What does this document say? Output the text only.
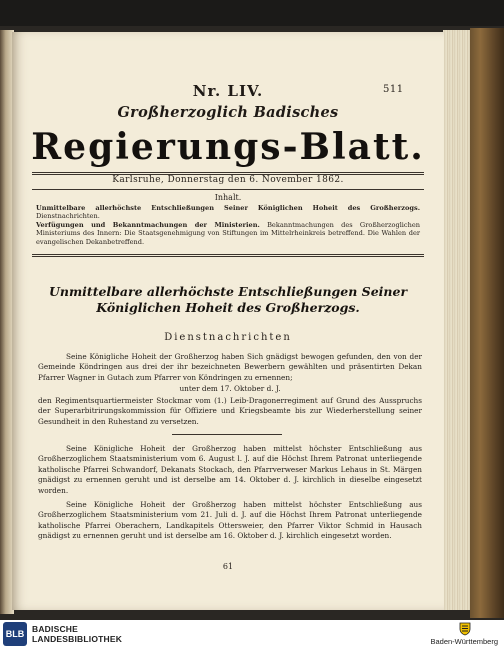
511
Nr. LIV.
Großherzoglich Badisches
Regierungs-Blatt.
Karlsruhe, Donnerstag den 6. November 1862.
Inhalt.
Unmittelbare allerhöchste Entschließungen Seiner Königlichen Hoheit des Großherzogs. Dienstnachrichten.
Verfügungen und Bekanntmachungen der Ministerien. Bekanntmachungen des Großherzoglichen Ministeriums des Innern: Die Staatsgenehmigung von Stiftungen im Mittelrheinkreis betreffend. Die Wahlen der evangelischen Dekanbetreffend.
Unmittelbare allerhöchste Entschließungen Seiner Königlichen Hoheit des Großherzogs.
Dienstnachrichten
Seine Königliche Hoheit der Großherzog haben Sich gnädigst bewogen gefunden, den von der Gemeinde Köndringen aus drei der ihr bezeichneten Bewerbern gewählten und präsentirten Dekan Pfarrer Wagner in Gutach zum Pfarrer von Köndringen zu ernennen;
unter dem 17. Oktober d. J.
den Regimentsquartiermeister Stockmar vom (1.) Leib-Dragonerregiment auf Grund des Ausspruchs der Superarbitrirungskommission für Offiziere und Kriegsbeamte bis zur Wiederherstellung seiner Gesundheit in den Ruhestand zu versetzen.
Seine Königliche Hoheit der Großherzog haben mittelst höchster Entschließung aus Großherzoglichem Staatsministerium vom 6. August l. J. auf die Höchst Ihrem Patronat unterliegende katholische Pfarrei Schwandorf, Dekanats Stockach, den Pfarrverweser Markus Lehaus in St. Märgen gnädigst zu ernennen geruht und ist derselbe am 14. Oktober d. J. kirchlich in dieselbe eingesetzt worden.
Seine Königliche Hoheit der Großherzog haben mittelst höchster Entschließung aus Großherzoglichem Staatsministerium vom 21. Juli d. J. auf die Höchst Ihrem Patronat unterliegende katholische Pfarrei Oberachern, Landkapitels Ottersweier, den Pfarrer Viktor Schmid in Hausach gnädigst zu ernennen geruht und ist derselbe am 16. Oktober d. J. kirchlich eingesetzt worden.
61
BLB BADISCHE
LANDESBIBLIOTHEK	Baden-Württemberg
